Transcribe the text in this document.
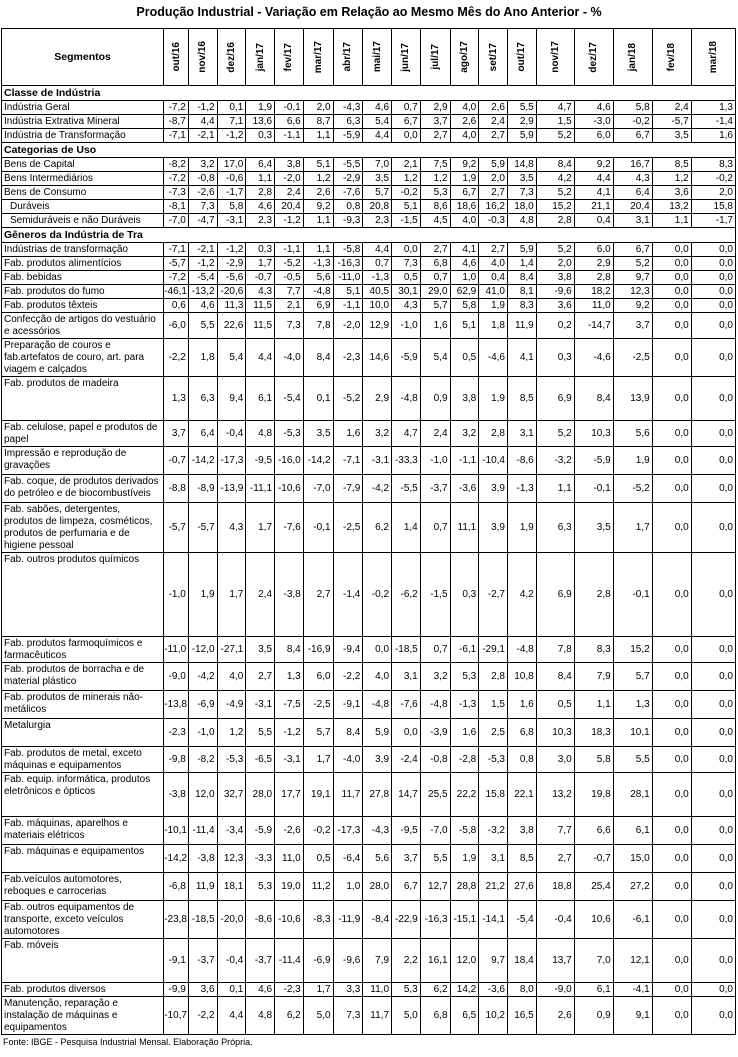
Produção Industrial - Variação em Relação ao Mesmo Mês do Ano Anterior - %
Segmentos	out/16	nov/16	dez/16	jan/17	fev/17	mar/17	abr/17	mai/17	jun/17	jul/17	ago/17	set/17	out/17	nov/17	dez/17	jan/18	fev/18	mar/18

Classe de Indústria																		
Indústria Geral	-7,2	-1,2	0,1	1,9	-0,1	2,0	-4,3	4,6	0,7	2,9	4,0	2,6	5,5	4,7	4,6	5,8	2,4	1,3
Indústria Extrativa Mineral	-8,7	4,4	7,1	13,6	6,6	8,7	6,3	5,4	6,7	3,7	2,6	2,4	2,9	1,5	-3,0	-0,2	-5,7	-1,4
Indústria de Transformação	-7,1	-2,1	-1,2	0,3	-1,1	1,1	-5,9	4,4	0,0	2,7	4,0	2,7	5,9	5,2	6,0	6,7	3,5	1,6
Categorias de Uso																		
Bens de Capital	-8,2	3,2	17,0	6,4	3,8	5,1	-5,5	7,0	2,1	7,5	9,2	5,9	14,8	8,4	9,2	16,7	8,5	8,3
Bens Intermediários	-7,2	-0,8	-0,6	1,1	-2,0	1,2	-2,9	3,5	1,2	1,2	1,9	2,0	3,5	4,2	4,4	4,3	1,2	-0,2
Bens de Consumo	-7,3	-2,6	-1,7	2,8	2,4	2,6	-7,6	5,7	-0,2	5,3	6,7	2,7	7,3	5,2	4,1	6,4	3,6	2,0
Duráveis	-8,1	7,3	5,8	4,6	20,4	9,2	0,8	20,8	5,1	8,6	18,6	16,2	18,0	15,2	21,1	20,4	13,2	15,8
Semiduráveis e não Duráveis	-7,0	-4,7	-3,1	2,3	-1,2	1,1	-9,3	2,3	-1,5	4,5	4,0	-0,3	4,8	2,8	0,4	3,1	1,1	-1,7
Gêneros da Indústria de Tra																		
Indústrias de transformação	-7,1	-2,1	-1,2	0,3	-1,1	1,1	-5,8	4,4	0,0	2,7	4,1	2,7	5,9	5,2	6,0	6,7	0,0	0,0
Fab. produtos alimentícios	-5,7	-1,2	-2,9	1,7	-5,2	-1,3	-16,3	0,7	7,3	6,8	4,6	4,0	1,4	2,0	2,9	5,2	0,0	0,0
Fab. bebidas	-7,2	-5,4	-5,6	-0,7	-0,5	5,6	-11,0	-1,3	0,5	0,7	1,0	0,4	8,4	3,8	2,8	9,7	0,0	0,0
Fab. produtos do fumo	-46,1	-13,2	-20,6	4,3	7,7	-4,8	5,1	40,5	30,1	29,0	62,9	41,0	8,1	-9,6	18,2	12,3	0,0	0,0
Fab. produtos têxteis	0,6	4,6	11,3	11,5	2,1	6,9	-1,1	10,0	4,3	5,7	5,8	1,9	8,3	3,6	11,0	9,2	0,0	0,0
Confecção de artigos do vestuário e acessórios	-6,0	5,5	22,6	11,5	7,3	7,8	-2,0	12,9	-1,0	1,6	5,1	1,8	11,9	0,2	-14,7	3,7	0,0	0,0
Preparação de couros e fab.artefatos de couro, art. para viagem e calçados	-2,2	1,8	5,4	4,4	-4,0	8,4	-2,3	14,6	-5,9	5,4	0,5	-4,6	4,1	0,3	-4,6	-2,5	0,0	0,0
Fab. produtos de madeira	1,3	6,3	9,4	6,1	-5,4	0,1	-5,2	2,9	-4,8	0,9	3,8	1,9	8,5	6,9	8,4	13,9	0,0	0,0
Fab. celulose, papel e produtos de papel	3,7	6,4	-0,4	4,8	-5,3	3,5	1,6	3,2	4,7	2,4	3,2	2,8	3,1	5,2	10,3	5,6	0,0	0,0
Impressão e reprodução de gravações	-0,7	-14,2	-17,3	-9,5	-16,0	-14,2	-7,1	-3,1	-33,3	-1,0	-1,1	-10,4	-8,6	-3,2	-5,9	1,9	0,0	0,0
Fab. coque, de produtos derivados do petróleo e de biocombustíveis	-8,8	-8,9	-13,9	-11,1	-10,6	-7,0	-7,9	-4,2	-5,5	-3,7	-3,6	3,9	-1,3	1,1	-0,1	-5,2	0,0	0,0
Fab. sabões, detergentes, produtos de limpeza, cosméticos, produtos de perfumaria e de higiene pessoal	-5,7	-5,7	4,3	1,7	-7,6	-0,1	-2,5	6,2	1,4	0,7	11,1	3,9	1,9	6,3	3,5	1,7	0,0	0,0
Fab. outros produtos químicos	-1,0	1,9	1,7	2,4	-3,8	2,7	-1,4	-0,2	-6,2	-1,5	0,3	-2,7	4,2	6,9	2,8	-0,1	0,0	0,0
Fab. produtos farmoquímicos e farmacêuticos	-11,0	-12,0	-27,1	3,5	8,4	-16,9	-9,4	0,0	-18,5	0,7	-6,1	-29,1	-4,8	7,8	8,3	15,2	0,0	0,0
Fab. produtos de borracha e de material plástico	-9,0	-4,2	4,0	2,7	1,3	6,0	-2,2	4,0	3,1	3,2	5,3	2,8	10,8	8,4	7,9	5,7	0,0	0,0
Fab. produtos de minerais não-metálicos	-13,8	-6,9	-4,9	-3,1	-7,5	-2,5	-9,1	-4,8	-7,6	-4,8	-1,3	1,5	1,6	0,5	1,1	1,3	0,0	0,0
Metalurgia	-2,3	-1,0	1,2	5,5	-1,2	5,7	8,4	5,9	0,0	-3,9	1,6	2,5	6,8	10,3	18,3	10,1	0,0	0,0
Fab. produtos de metal, exceto máquinas e equipamentos	-9,8	-8,2	-5,3	-6,5	-3,1	1,7	-4,0	3,9	-2,4	-0,8	-2,8	-5,3	0,8	3,0	5,8	5,5	0,0	0,0
Fab. equip. informática, produtos eletrônicos e ópticos	-3,8	12,0	32,7	28,0	17,7	19,1	11,7	27,8	14,7	25,5	22,2	15,8	22,1	13,2	19,8	28,1	0,0	0,0
Fab. máquinas, aparelhos e materiais elétricos	-10,1	-11,4	-3,4	-5,9	-2,6	-0,2	-17,3	-4,3	-9,5	-7,0	-5,8	-3,2	3,8	7,7	6,6	6,1	0,0	0,0
Fab. máquinas e equipamentos	-14,2	-3,8	12,3	-3,3	11,0	0,5	-6,4	5,6	3,7	5,5	1,9	3,1	8,5	2,7	-0,7	15,0	0,0	0,0
Fab.veículos automotores, reboques e carrocerias	-6,8	11,9	18,1	5,3	19,0	11,2	1,0	28,0	6,7	12,7	28,8	21,2	27,6	18,8	25,4	27,2	0,0	0,0
Fab. outros equipamentos de transporte, exceto veículos automotores	-23,8	-18,5	-20,0	-8,6	-10,6	-8,3	-11,9	-8,4	-22,9	-16,3	-15,1	-14,1	-5,4	-0,4	10,6	-6,1	0,0	0,0
Fab. móveis	-9,1	-3,7	-0,4	-3,7	-11,4	-6,9	-9,6	7,9	2,2	16,1	12,0	9,7	18,4	13,7	7,0	12,1	0,0	0,0
Fab. produtos diversos	-9,9	3,6	0,1	4,6	-2,3	1,7	3,3	11,0	5,3	6,2	14,2	-3,6	8,0	-9,0	6,1	-4,1	0,0	0,0
Manutenção, reparação e instalação de máquinas e equipamentos	-10,7	-2,2	4,4	4,8	6,2	5,0	7,3	11,7	5,0	6,8	6,5	10,2	16,5	2,6	0,9	9,1	0,0	0,0
Fonte: IBGE - Pesquisa Industrial Mensal. Elaboração Própria.
